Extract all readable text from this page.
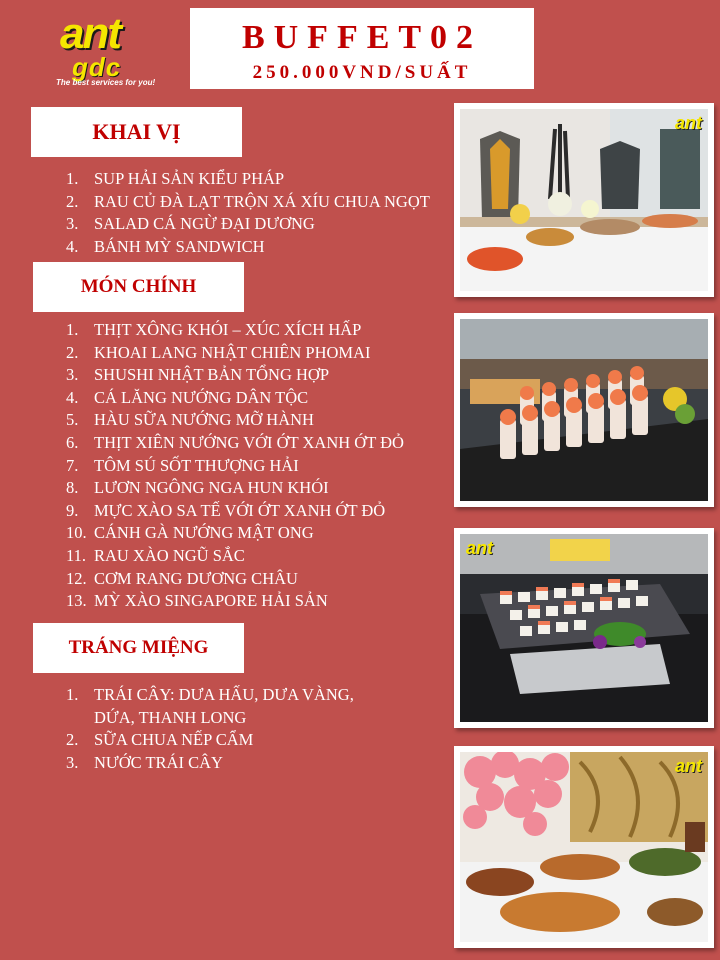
ant
gdc
The best services for you!
BUFFET02
250.000VND/SUẤT
KHAI VỊ
1. SUP HẢI SẢN KIỂU PHÁP
2. RAU CỦ ĐÀ LẠT TRỘN XÁ XÍU CHUA NGỌT
3. SALAD CÁ NGỪ ĐẠI DƯƠNG
4. BÁNH MỲ SANDWICH
MÓN CHÍNH
1. THỊT XÔNG KHÓI – XÚC XÍCH HẤP
2. KHOAI LANG NHẬT CHIÊN PHOMAI
3. SHUSHI NHẬT BẢN TỔNG HỢP
4. CÁ LĂNG NƯỚNG DÂN TỘC
5. HÀU SỮA NƯỚNG MỠ HÀNH
6. THỊT XIÊN NƯỚNG VỚI ỚT XANH ỚT ĐỎ
7. TÔM SÚ SỐT THƯỢNG HẢI
8. LƯƠN NGÔNG NGA HUN KHÓI
9. MỰC XÀO SA TẾ VỚI ỚT XANH ỚT ĐỎ
10. CÁNH GÀ NƯỚNG MẬT ONG
11. RAU XÀO NGŨ SẮC
12. CƠM RANG DƯƠNG CHÂU
13. MỲ XÀO SINGAPORE HẢI SẢN
TRÁNG MIỆNG
1. TRÁI CÂY: DƯA HẤU, DƯA VÀNG, DỨA, THANH LONG
2. SỮA CHUA NẾP CẨM
3. NƯỚC TRÁI CÂY
ant
ant
ant
